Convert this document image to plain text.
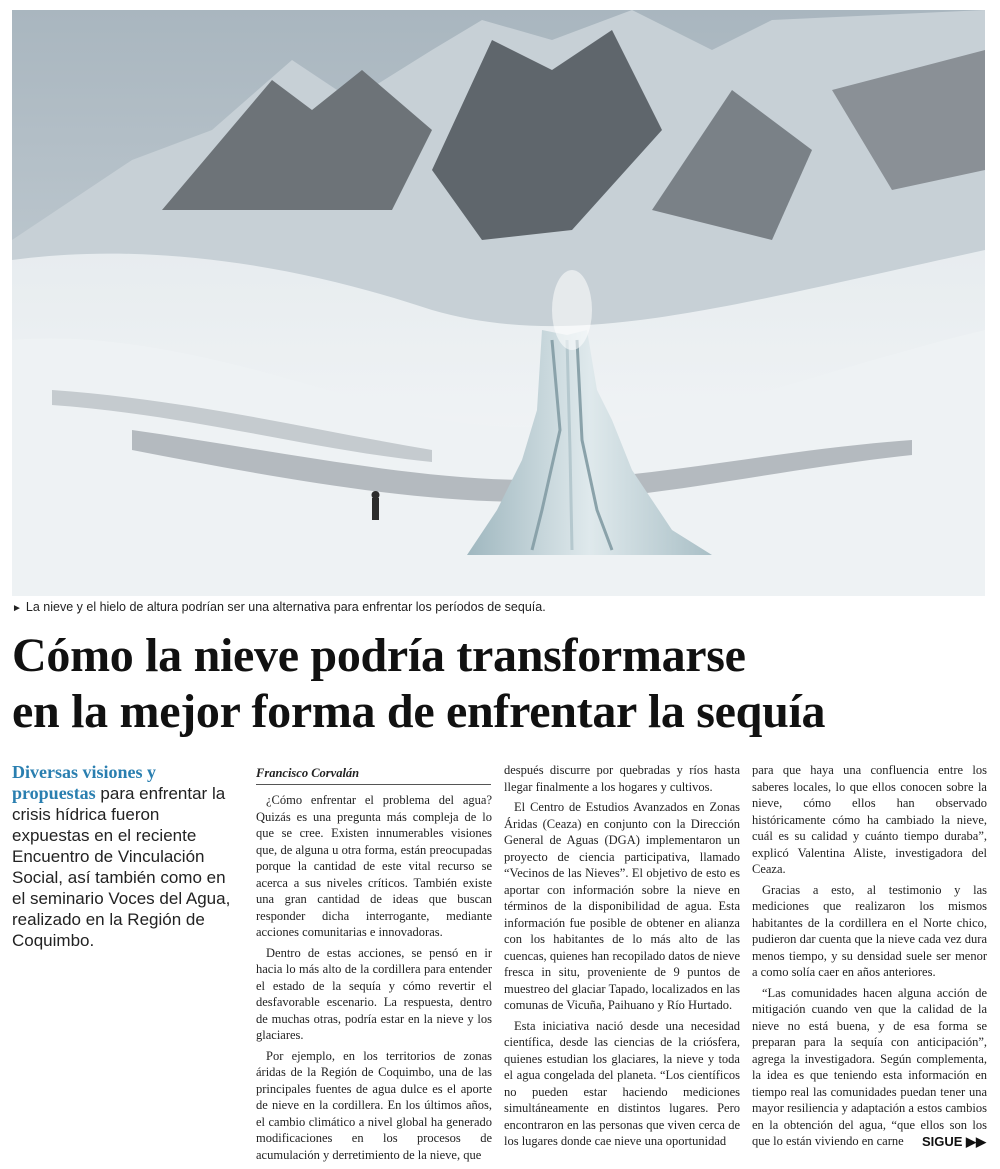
► La nieve y el hielo de altura podrían ser una alternativa para enfrentar los períodos de sequía.
Cómo la nieve podría transformarse
en la mejor forma de enfrentar la sequía
Diversas visiones y propuestas para enfrentar la crisis hídrica fueron expuestas en el reciente Encuentro de Vinculación Social, así también como en el seminario Voces del Agua, realizado en la Región de Coquimbo.
Francisco Corvalán

¿Cómo enfrentar el problema del agua? Quizás es una pregunta más compleja de lo que se cree. Existen innumerables visiones que, de alguna u otra forma, están preocupadas porque la cantidad de este vital recurso se acerca a sus niveles críticos. También existe una gran cantidad de ideas que buscan responder dicha interrogante, mediante acciones comunitarias e innovadoras.

Dentro de estas acciones, se pensó en ir hacia lo más alto de la cordillera para entender el estado de la sequía y cómo revertir el desfavorable escenario. La respuesta, dentro de muchas otras, podría estar en la nieve y los glaciares.

Por ejemplo, en los territorios de zonas áridas de la Región de Coquimbo, una de las principales fuentes de agua dulce es el aporte de nieve en la cordillera. En los últimos años, el cambio climático a nivel global ha generado modificaciones en los procesos de acumulación y derretimiento de la nieve, que

después discurre por quebradas y ríos hasta llegar finalmente a los hogares y cultivos.

El Centro de Estudios Avanzados en Zonas Áridas (Ceaza) en conjunto con la Dirección General de Aguas (DGA) implementaron un proyecto de ciencia participativa, llamado “Vecinos de las Nieves”. El objetivo de esto es aportar con información sobre la nieve en términos de la disponibilidad de agua. Esta información fue posible de obtener en alianza con los habitantes de lo más alto de las cuencas, quienes han recopilado datos de nieve fresca in situ, proveniente de 9 puntos de muestreo del glaciar Tapado, localizados en las comunas de Vicuña, Paihuano y Río Hurtado.

Esta iniciativa nació desde una necesidad científica, desde las ciencias de la criósfera, quienes estudian los glaciares, la nieve y toda el agua congelada del planeta. “Los científicos no pueden estar haciendo mediciones simultáneamente en distintos lugares. Pero encontraron en las personas que viven cerca de los lugares donde cae nieve una oportunidad

para que haya una confluencia entre los saberes locales, lo que ellos conocen sobre la nieve, cómo ellos han observado históricamente cómo ha cambiado la nieve, cuál es su calidad y cuánto tiempo duraba”, explicó Valentina Aliste, investigadora del Ceaza.

Gracias a esto, al testimonio y las mediciones que realizaron los mismos habitantes de la cordillera en el Norte chico, pudieron dar cuenta que la nieve cada vez dura menos tiempo, y su densidad suele ser menor a como solía caer en años anteriores.

“Las comunidades hacen alguna acción de mitigación cuando ven que la calidad de la nieve no está buena, y de esa forma se preparan para la sequía con anticipación”, agrega la investigadora. Según complementa, la idea es que teniendo esta información en tiempo real las comunidades puedan tener una mayor resiliencia y adaptación a estos cambios en la obtención del agua, “que ellos son los que lo están viviendo en carne	SIGUE ▶▶
